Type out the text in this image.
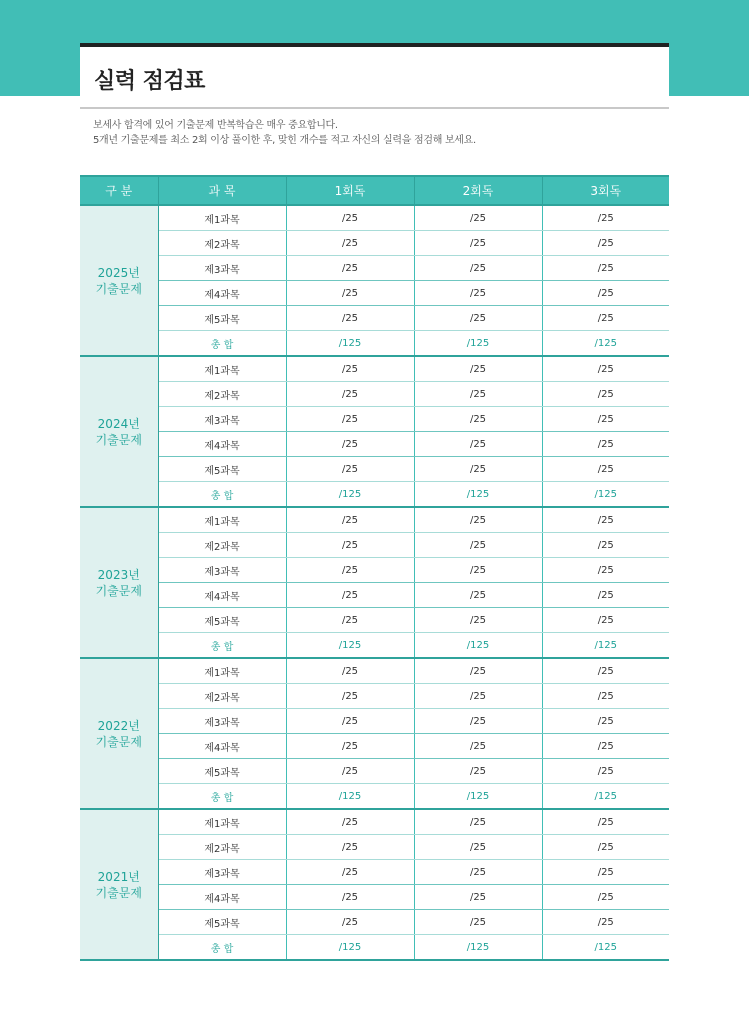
실력 점검표
보세사 합격에 있어 기출문제 반복학습은 매우 중요합니다.
5개년 기출문제를 최소 2회 이상 풀이한 후, 맞힌 개수를 적고 자신의 실력을 점검해 보세요.
구 분	과 목	1회독	2회독	3회독

2025년
기출문제	제1과목	/25	/25	/25
	제2과목	/25	/25	/25
	제3과목	/25	/25	/25
	제4과목	/25	/25	/25
	제5과목	/25	/25	/25
	총 합	/125	/125	/125

2024년
기출문제	제1과목	/25	/25	/25
	제2과목	/25	/25	/25
	제3과목	/25	/25	/25
	제4과목	/25	/25	/25
	제5과목	/25	/25	/25
	총 합	/125	/125	/125

2023년
기출문제	제1과목	/25	/25	/25
	제2과목	/25	/25	/25
	제3과목	/25	/25	/25
	제4과목	/25	/25	/25
	제5과목	/25	/25	/25
	총 합	/125	/125	/125

2022년
기출문제	제1과목	/25	/25	/25
	제2과목	/25	/25	/25
	제3과목	/25	/25	/25
	제4과목	/25	/25	/25
	제5과목	/25	/25	/25
	총 합	/125	/125	/125

2021년
기출문제	제1과목	/25	/25	/25
	제2과목	/25	/25	/25
	제3과목	/25	/25	/25
	제4과목	/25	/25	/25
	제5과목	/25	/25	/25
	총 합	/125	/125	/125
